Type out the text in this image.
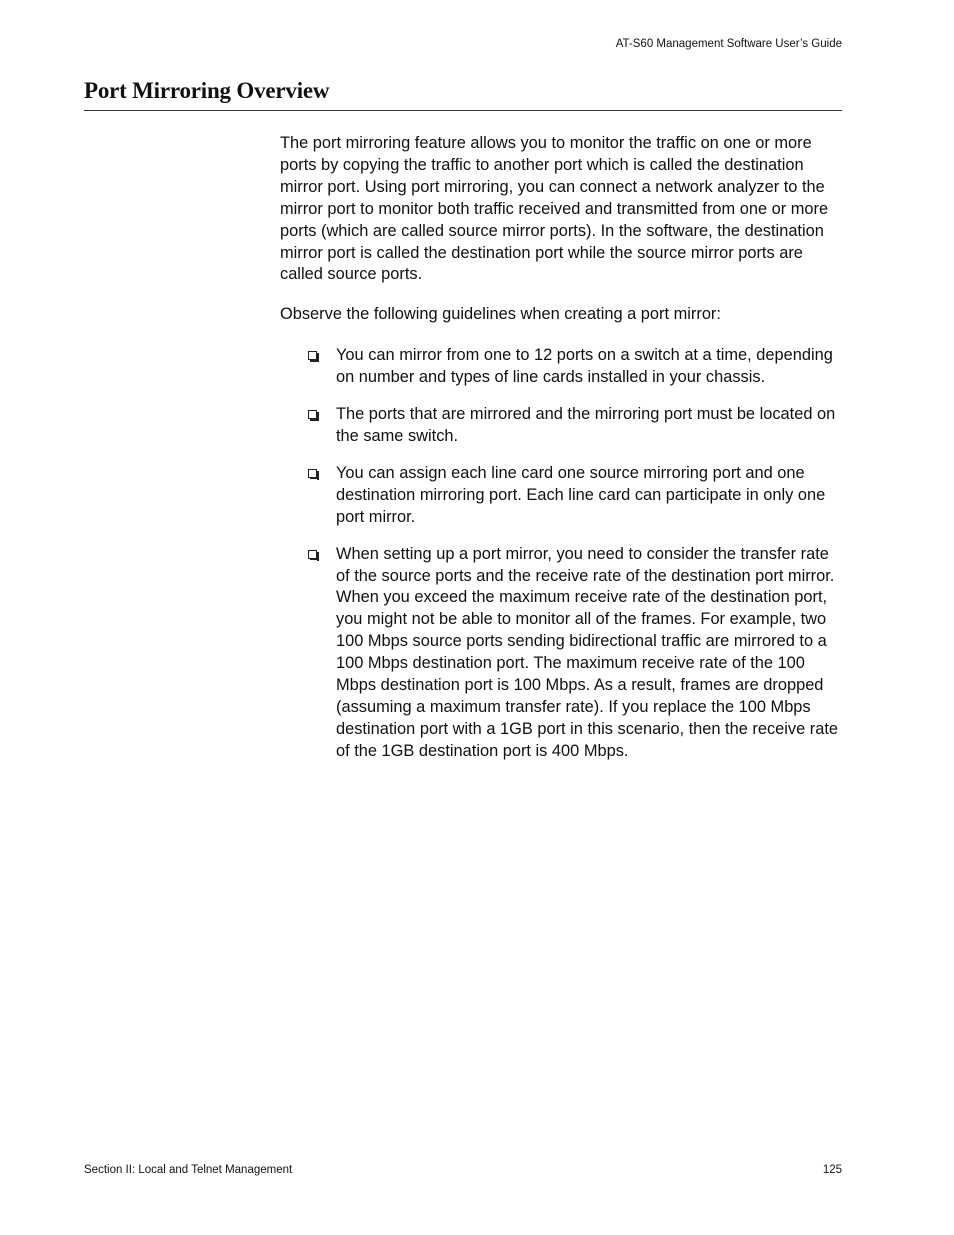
AT-S60 Management Software User’s Guide
Port Mirroring Overview

The port mirroring feature allows you to monitor the traffic on one or more ports by copying the traffic to another port which is called the destination mirror port. Using port mirroring, you can connect a network analyzer to the mirror port to monitor both traffic received and transmitted from one or more ports (which are called source mirror ports). In the software, the destination mirror port is called the destination port while the source mirror ports are called source ports.

Observe the following guidelines when creating a port mirror:

You can mirror from one to 12 ports on a switch at a time, depending on number and types of line cards installed in your chassis.
The ports that are mirrored and the mirroring port must be located on the same switch.
You can assign each line card one source mirroring port and one destination mirroring port. Each line card can participate in only one port mirror.
When setting up a port mirror, you need to consider the transfer rate of the source ports and the receive rate of the destination port mirror. When you exceed the maximum receive rate of the destination port, you might not be able to monitor all of the frames. For example, two 100 Mbps source ports sending bidirectional traffic are mirrored to a 100 Mbps destination port. The maximum receive rate of the 100 Mbps destination port is 100 Mbps. As a result, frames are dropped (assuming a maximum transfer rate). If you replace the 100 Mbps destination port with a 1GB port in this scenario, then the receive rate of the 1GB destination port is 400 Mbps.
Section II: Local and Telnet Management	125
